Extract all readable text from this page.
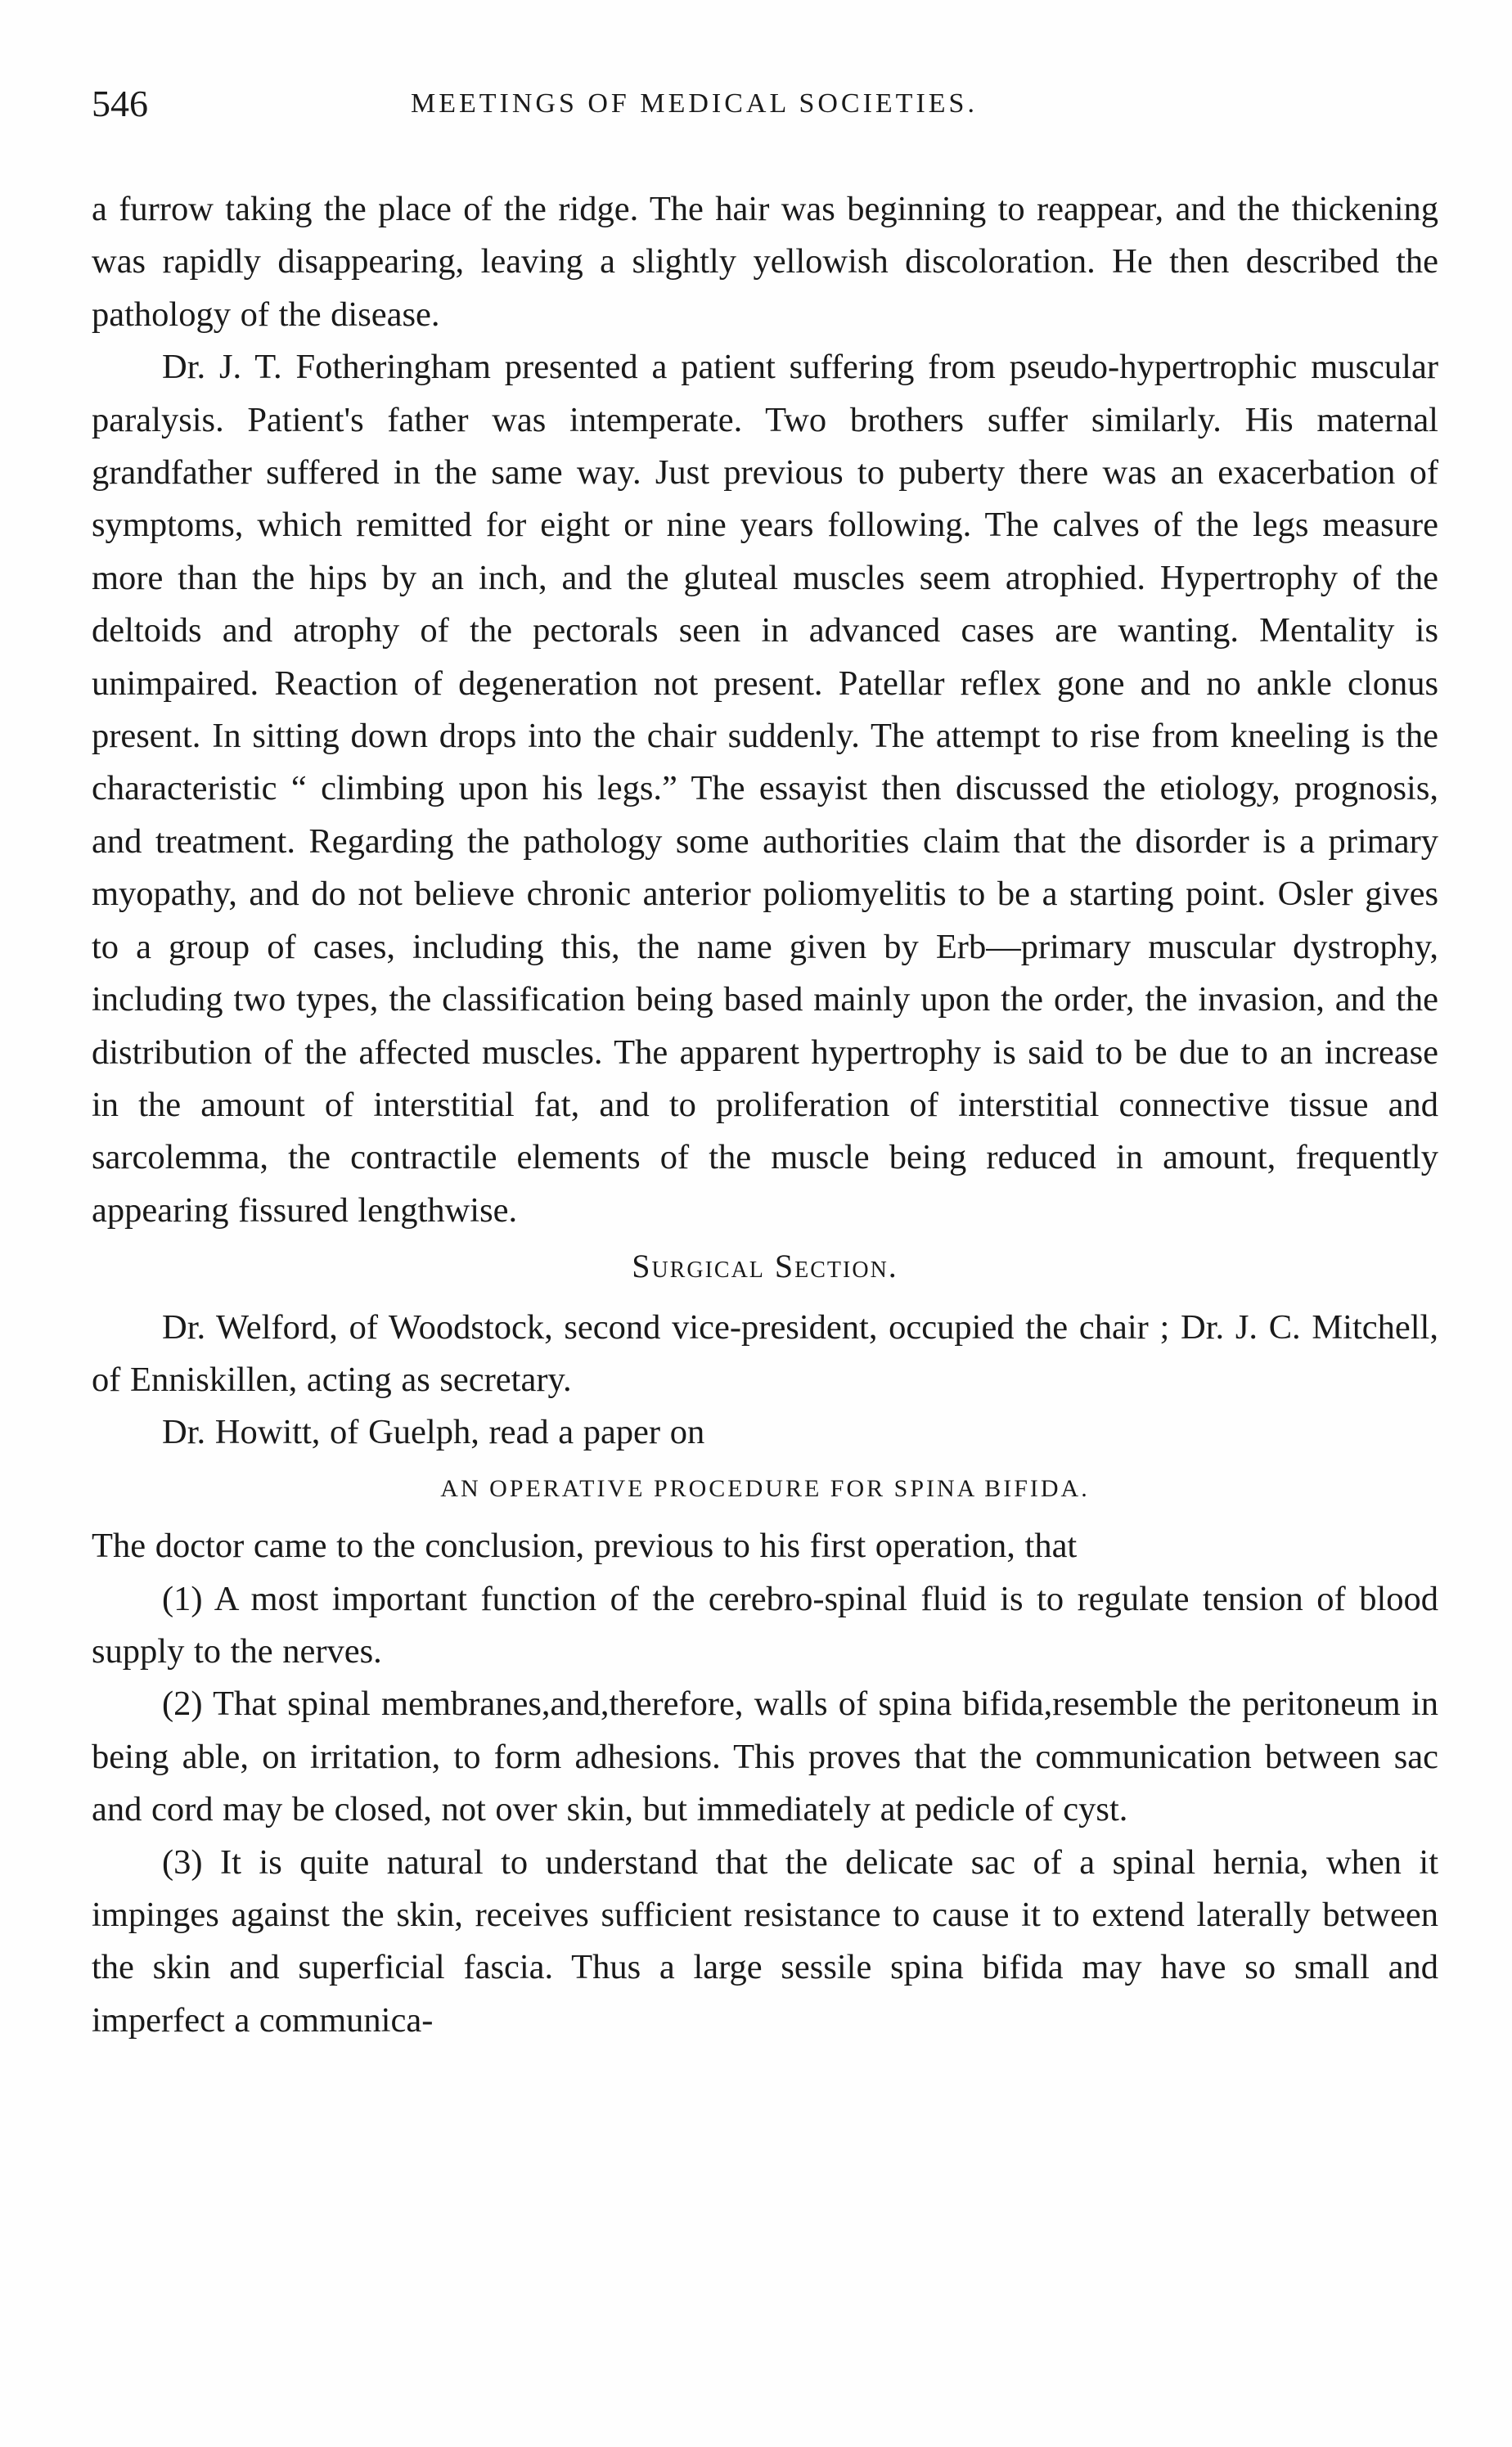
546	MEETINGS OF MEDICAL SOCIETIES.

a furrow taking the place of the ridge. The hair was beginning to reappear, and the thickening was rapidly disappearing, leaving a slightly yellowish discoloration. He then described the pathology of the disease.

Dr. J. T. Fotheringham presented a patient suffering from pseudo-hypertrophic muscular paralysis. Patient's father was intemperate. Two brothers suffer similarly. His maternal grandfather suffered in the same way. Just previous to puberty there was an exacerbation of symptoms, which remitted for eight or nine years following. The calves of the legs measure more than the hips by an inch, and the gluteal muscles seem atrophied. Hypertrophy of the deltoids and atrophy of the pectorals seen in advanced cases are wanting. Mentality is unimpaired. Reaction of degeneration not present. Patellar reflex gone and no ankle clonus present. In sitting down drops into the chair suddenly. The attempt to rise from kneeling is the characteristic “ climbing upon his legs.” The essayist then discussed the etiology, prognosis, and treatment. Regarding the pathology some authorities claim that the disorder is a primary myopathy, and do not believe chronic anterior poliomyelitis to be a starting point. Osler gives to a group of cases, including this, the name given by Erb—primary muscular dystrophy, including two types, the classification being based mainly upon the order, the invasion, and the distribution of the affected muscles. The apparent hypertrophy is said to be due to an increase in the amount of interstitial fat, and to proliferation of interstitial connective tissue and sarcolemma, the contractile elements of the muscle being reduced in amount, frequently appearing fissured lengthwise.

Surgical Section.

Dr. Welford, of Woodstock, second vice-president, occupied the chair ; Dr. J. C. Mitchell, of Enniskillen, acting as secretary.

Dr. Howitt, of Guelph, read a paper on

AN OPERATIVE PROCEDURE FOR SPINA BIFIDA.

The doctor came to the conclusion, previous to his first operation, that

(1) A most important function of the cerebro-spinal fluid is to regulate tension of blood supply to the nerves.

(2) That spinal membranes,and,therefore, walls of spina bifida,resemble the peritoneum in being able, on irritation, to form adhesions. This proves that the communication between sac and cord may be closed, not over skin, but immediately at pedicle of cyst.

(3) It is quite natural to understand that the delicate sac of a spinal hernia, when it impinges against the skin, receives sufficient resistance to cause it to extend laterally between the skin and superficial fascia. Thus a large sessile spina bifida may have so small and imperfect a communica-
